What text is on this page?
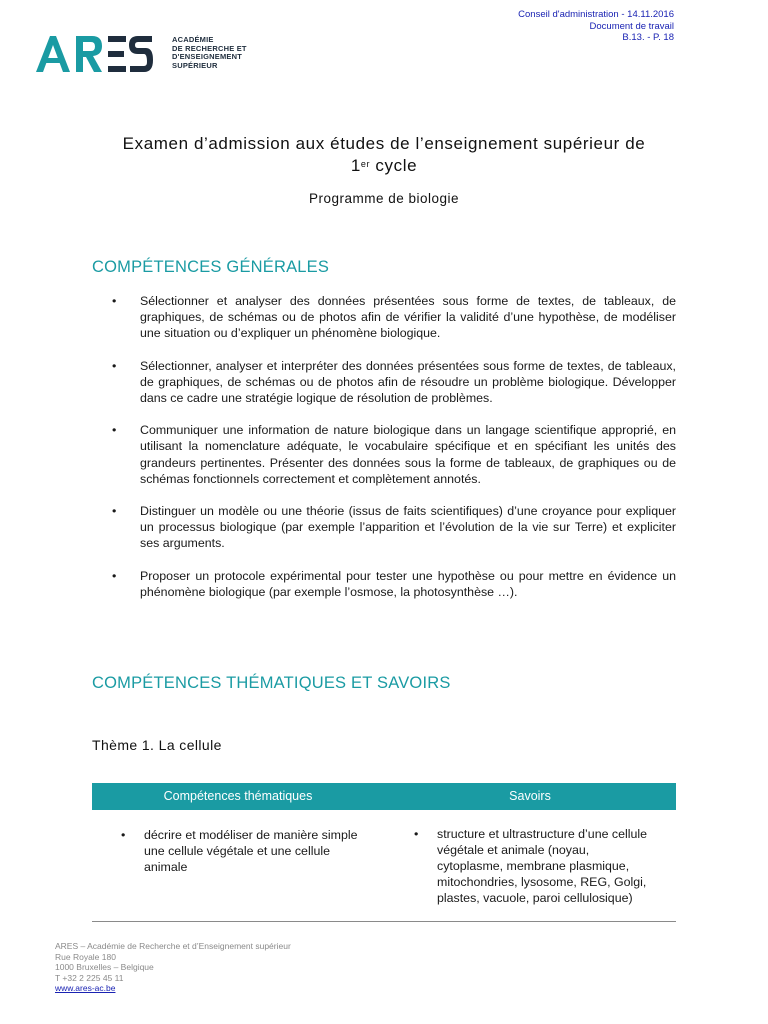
Conseil d'administration - 14.11.2016
Document de travail
B.13. - P. 18
ACADÉMIE
DE RECHERCHE ET
D'ENSEIGNEMENT
SUPÉRIEUR
Examen d’admission aux études de l’enseignement supérieur de
1er cycle
Programme de biologie
COMPÉTENCES GÉNÉRALES
• Sélectionner et analyser des données présentées sous forme de textes, de tableaux, de graphiques, de schémas ou de photos afin de vérifier la validité d’une hypothèse, de modéliser une situation ou d’expliquer un phénomène biologique.
• Sélectionner, analyser et interpréter des données présentées sous forme de textes, de tableaux, de graphiques, de schémas ou de photos afin de résoudre un problème biologique. Développer dans ce cadre une stratégie logique de résolution de problèmes.
• Communiquer une information de nature biologique dans un langage scientifique approprié, en utilisant la nomenclature adéquate, le vocabulaire spécifique et en spécifiant les unités des grandeurs pertinentes. Présenter des données sous la forme de tableaux, de graphiques ou de schémas fonctionnels correctement et complètement annotés.
• Distinguer un modèle ou une théorie (issus de faits scientifiques) d’une croyance pour expliquer un processus biologique (par exemple l’apparition et l’évolution de la vie sur Terre) et expliciter ses arguments.
• Proposer un protocole expérimental pour tester une hypothèse ou pour mettre en évidence un phénomène biologique (par exemple l’osmose, la photosynthèse …).
COMPÉTENCES THÉMATIQUES ET SAVOIRS
Thème 1. La cellule
Compétences thématiques	Savoirs
• décrire et modéliser de manière simple une cellule végétale et une cellule animale
• structure et ultrastructure d’une cellule végétale et animale (noyau, cytoplasme, membrane plasmique, mitochondries, lysosome, REG, Golgi, plastes, vacuole, paroi cellulosique)
ARES – Académie de Recherche et d’Enseignement supérieur
Rue Royale 180
1000 Bruxelles – Belgique
T +32 2 225 45 11
www.ares-ac.be
